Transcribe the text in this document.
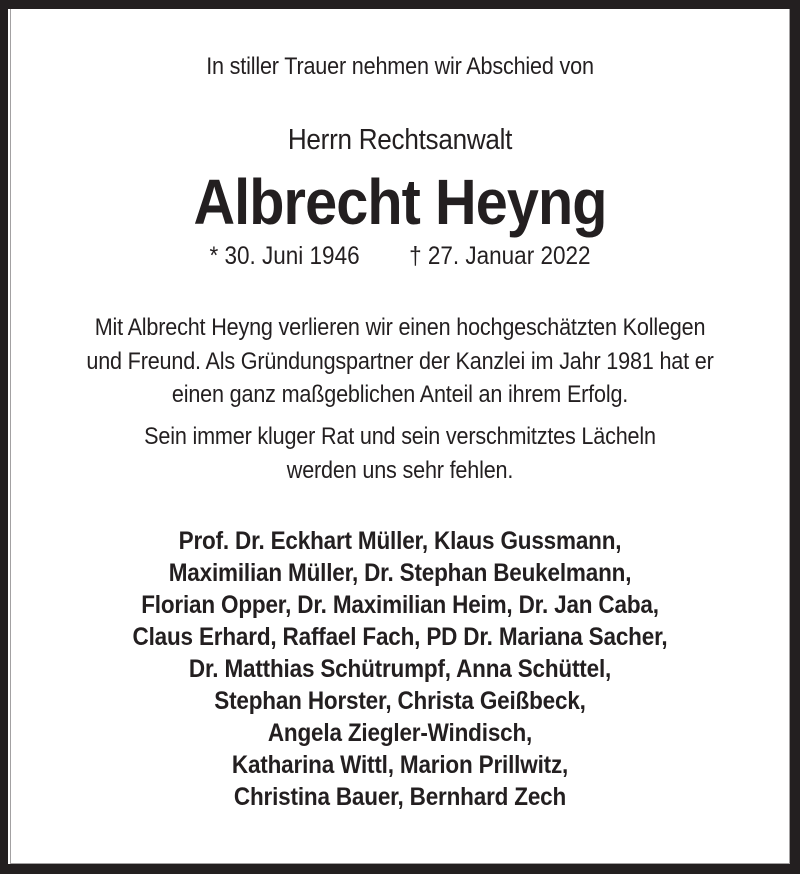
In stiller Trauer nehmen wir Abschied von
Herrn Rechtsanwalt
Albrecht Heyng
* 30. Juni 1946 † 27. Januar 2022
Mit Albrecht Heyng verlieren wir einen hochgeschätzten Kollegen
und Freund. Als Gründungspartner der Kanzlei im Jahr 1981 hat er
einen ganz maßgeblichen Anteil an ihrem Erfolg.
Sein immer kluger Rat und sein verschmitztes Lächeln
werden uns sehr fehlen.
Prof. Dr. Eckhart Müller, Klaus Gussmann,
Maximilian Müller, Dr. Stephan Beukelmann,
Florian Opper, Dr. Maximilian Heim, Dr. Jan Caba,
Claus Erhard, Raffael Fach, PD Dr. Mariana Sacher,
Dr. Matthias Schütrumpf, Anna Schüttel,
Stephan Horster, Christa Geißbeck,
Angela Ziegler-Windisch,
Katharina Wittl, Marion Prillwitz,
Christina Bauer, Bernhard Zech
